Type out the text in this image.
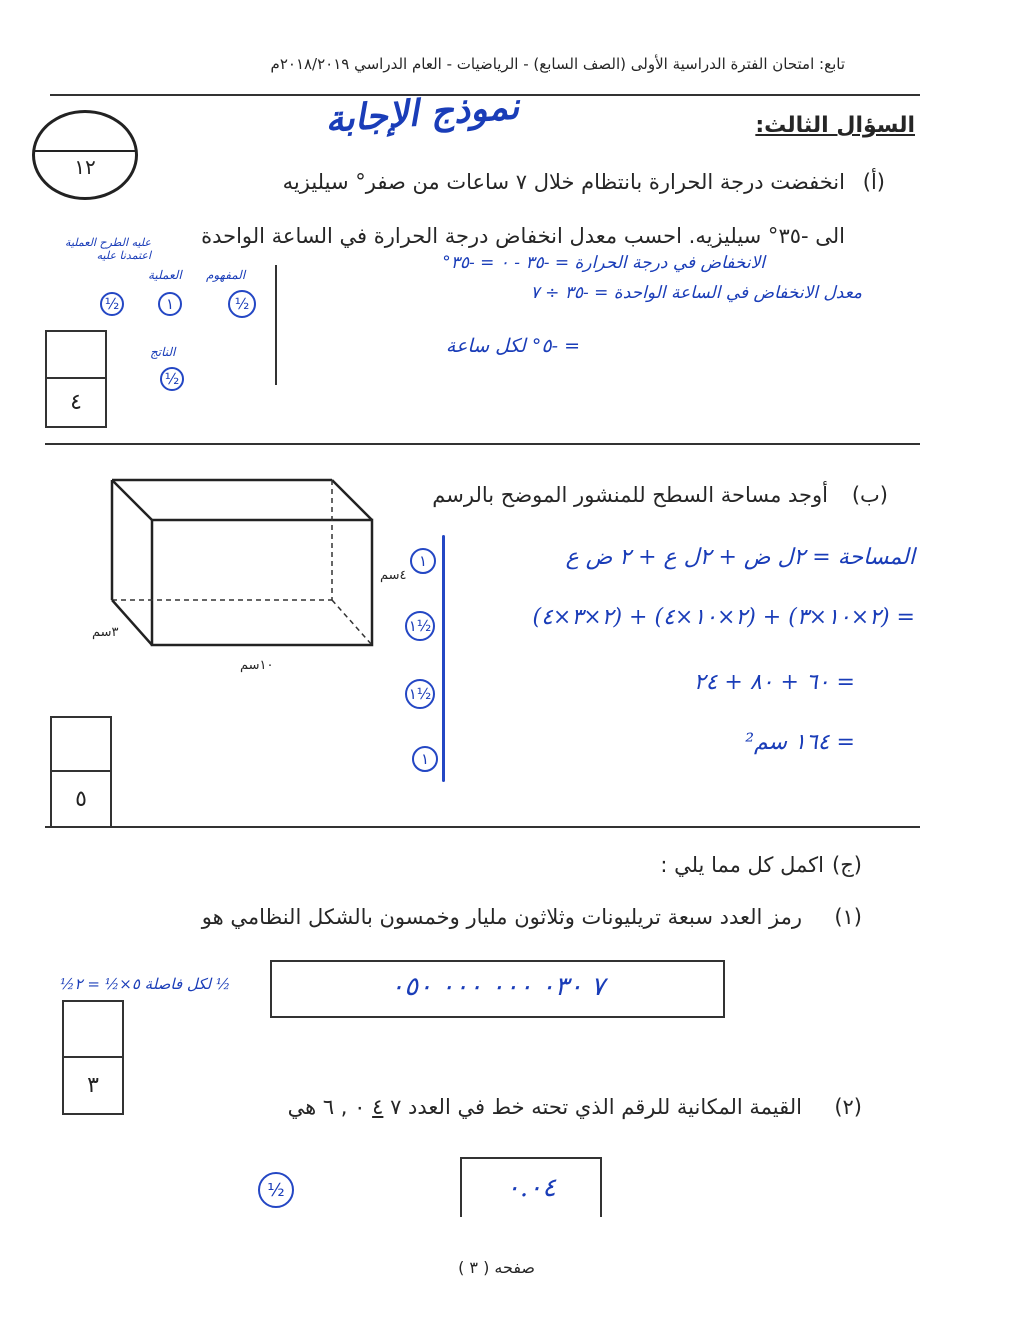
تابع: امتحان الفترة الدراسية الأولى (الصف السابع) - الرياضيات - العام الدراسي ٢٠١٨/٢٠١٩م
نموذج الإجابة	السؤال الثالث:
١٢
(أ)
انخفضت درجة الحرارة بانتظام خلال ٧ ساعات من صفر° سيليزيه
الى -٣٥° سيليزيه. احسب معدل انخفاض درجة الحرارة في الساعة الواحدة
عليه الطرح العملية اعتمدنا عليه
العملية المفهوم
الناتج
½	١	½
½
الانخفاض في درجة الحرارة = -٣٥ - ٠ = -٣٥°
معدل الانخفاض في الساعة الواحدة = -٣٥ ÷ ٧
= -٥° لكل ساعة
٤
(ب)
أوجد مساحة السطح للمنشور الموضح بالرسم
٤سم
٣سم
١٠سم
١
١½
١½
١
المساحة = ٢ل ض + ٢ل ع + ٢ ض ع
= (٢×١٠×٣) + (٢×١٠×٤) + (٢×٣×٤)
= ٦٠ + ٨٠ + ٢٤
= ١٦٤ سم²
٥
(ج)
اكمل كل مما يلي :
(١)
رمز العدد سبعة تريليونات وثلاثون مليار وخمسون بالشكل النظامي هو
½ لكل فاصلة ٥×½ = ٢½	٧ ٠٣٠ ٠٠٠ ٠٠٠ ٠٥٠
٣
(٢)
القيمة المكانية للرقم الذي تحته خط في العدد ٧ ٤ ٠ , ٦ هي
½	٠.٠٤
صفحه ( ٣ )
